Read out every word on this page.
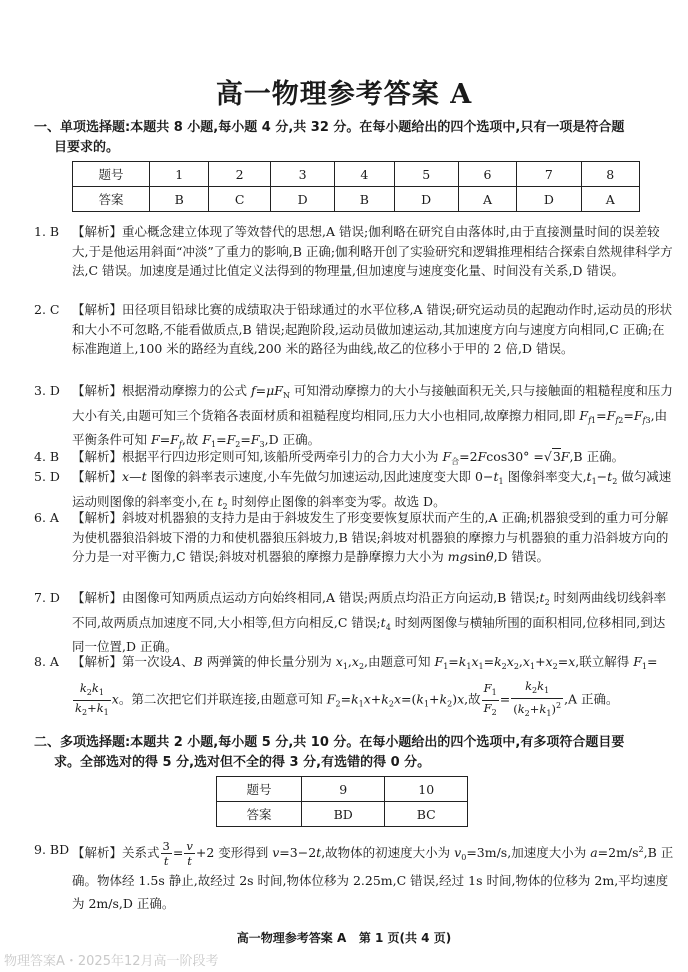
高一物理参考答案 A
一、单项选择题:本题共 8 小题,每小题 4 分,共 32 分。在每小题给出的四个选项中,只有一项是符合题
目要求的。
题号	1	2	3	4	5	6	7	8
答案	B	C	D	B	D	A	D	A
1. B	【解析】重心概念建立体现了等效替代的思想,A 错误;伽利略在研究自由落体时,由于直接测量时间的误差较大,于是他运用斜面“冲淡”了重力的影响,B 正确;伽利略开创了实验研究和逻辑推理相结合探索自然规律科学方法,C 错误。加速度是通过比值定义法得到的物理量,但加速度与速度变化量、时间没有关系,D 错误。
2. C	【解析】田径项目铅球比赛的成绩取决于铅球通过的水平位移,A 错误;研究运动员的起跑动作时,运动员的形状和大小不可忽略,不能看做质点,B 错误;起跑阶段,运动员做加速运动,其加速度方向与速度方向相同,C 正确;在标准跑道上,100 米的路经为直线,200 米的路径为曲线,故乙的位移小于甲的 2 倍,D 错误。
3. D 【解析】根据滑动摩擦力的公式 $f=\mu F_N$ 可知滑动摩擦力的大小与接触面积无关,只与接触面的粗糙程度和压力大小有关,由题可知三个货箱各表面材质和祖糙程度均相同,压力大小也相同,故摩擦力相同,即 $F_{f1}=F_{f2}=F_{f3}$,由平衡条件可知 $F=F_f$,故 $F_1=F_2=F_3,D$ 正确。
4. B	【解析】根据平行四边形定则可知,该船所受两牵引力的合力大小为 $F_合=2Fcos30^\circ =√3F,B$ 正确。
5. D 【解析】x—t 图像的斜率表示速度,小车先做匀加速运动,因此速度变大即 $0-t_1$ 图像斜率变大$,t_1-t_2$ 做匀减速运动则图像的斜率变小,在 $t_2$ 时刻停止图像的斜率变为零。故选 D。
6. A	【解析】斜坡对机器狼的支持力是由于斜坡发生了形变要恢复原状而产生的,A 正确;机器狼受到的重力可分解为使机器狼沿斜坡下滑的力和使机器狼压斜坡力,B 错误;斜坡对机器狼的摩擦力与机器狼的重力沿斜坡方向的分力是一对平衡力,C 错误;斜坡对机器狼的摩擦力是静摩擦力大小为 mgsinθ,D 错误。
7. D 【解析】由图像可知两质点运动方向始终相同,A 错误;两质点均沿正方向运动,B 错误$;t_2$ 时刻两曲线切线斜率不同,故两质点加速度不同,大小相等,但方向相反,C 错误$;t_4$ 时刻两图像与横轴所围的面积相同,位移相同,到达同一位置,D 正确。
8. A	【解析】第一次设A、B 两弹簧的伸长量分别为 $x_1,x_2$,由题意可知 $F_1=k_1x_1=k_2x_2,x_1+x_2=x$,联立解得 $F_1=$
$\frac{k_2k_1}{k_2+k_1}$ x。第二次把它们并联连接,由题意可知 $F_2=k_1x+k_2x=(k_1+k_2)x$,故 $\frac{F_1}{F_2} = \frac{k_2k_1}{(k_2+k_1)^2} ,A$ 正确。
二、多项选择题:本题共 2 小题,每小题 5 分,共 10 分。在每小题给出的四个选项中,有多项符合题目要
求。全部选对的得 5 分,选对但不全的得 3 分,有选错的得 0 分。
题号	9	10
答案	BD	BC
9. BD 【解析】关系式 $\frac{3}{t} = \frac{v}{t} +2$ 变形得到 v=3−2t,故物体的初速度大小为 $v_0=3m/s$,加速度大小为 $a=2m/s^2,B$ 正确。物体经 1.5s 静止,故经过 2s 时间,物体位移为 2.25m,C 错误,经过 1s 时间,物体的位移为 2m,平均速度为 2m/s,D 正确。
高一物理参考答案 A 第 1 页(共 4 页)
物理答案A・2025年12月高一阶段考
